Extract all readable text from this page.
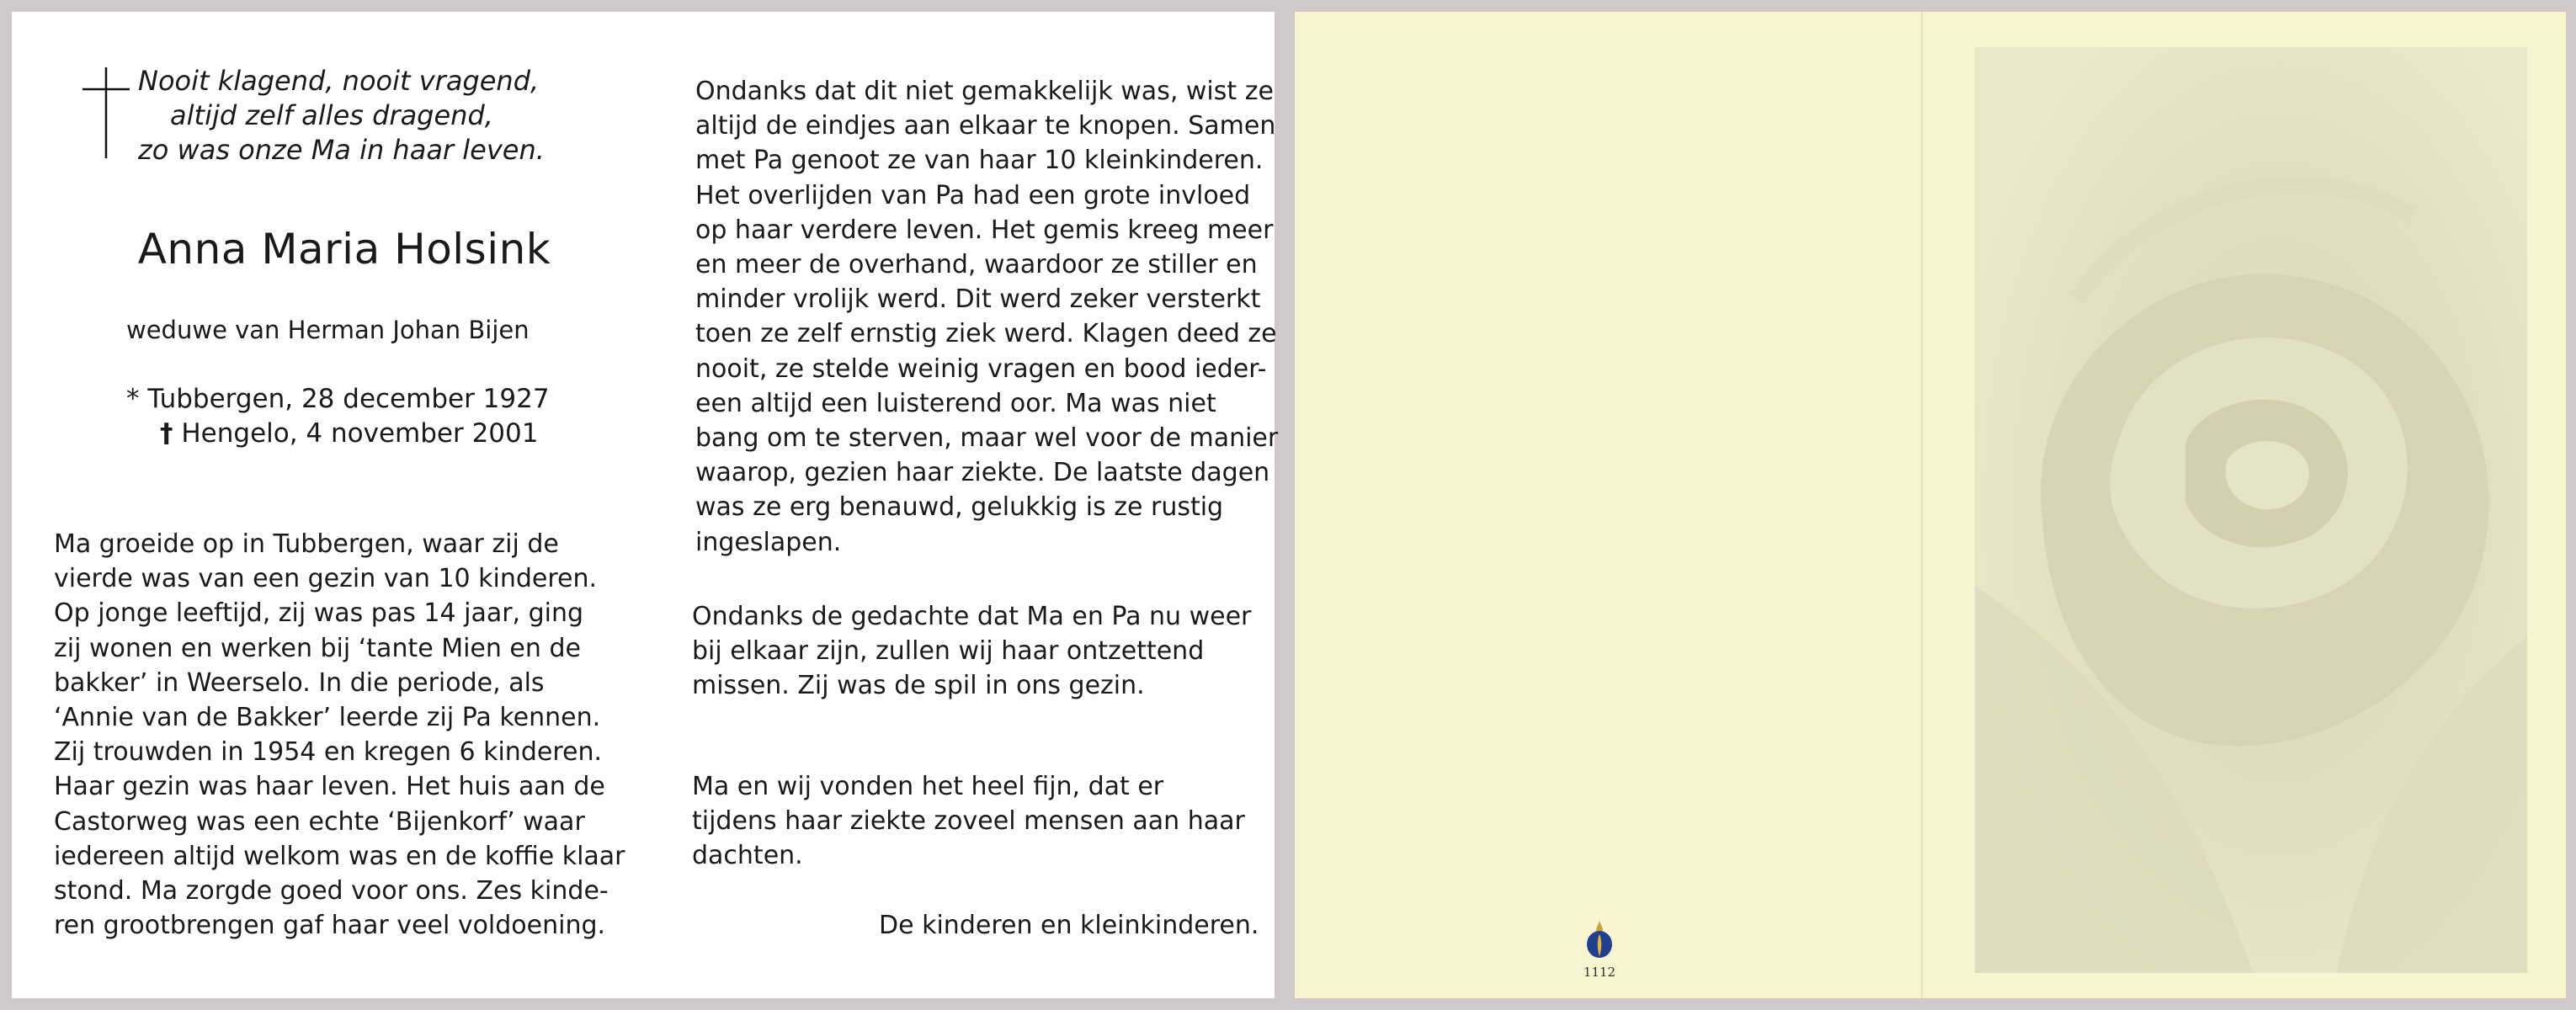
Nooit klagend, nooit vragend,
altijd zelf alles dragend,
zo was onze Ma in haar leven.
Anna Maria Holsink
weduwe van Herman Johan Bijen
* Tubbergen, 28 december 1927
† Hengelo, 4 november 2001
Ma groeide op in Tubbergen, waar zij de
vierde was van een gezin van 10 kinderen.
Op jonge leeftijd, zij was pas 14 jaar, ging
zij wonen en werken bij ‘tante Mien en de
bakker’ in Weerselo. In die periode, als
‘Annie van de Bakker’ leerde zij Pa kennen.
Zij trouwden in 1954 en kregen 6 kinderen.
Haar gezin was haar leven. Het huis aan de
Castorweg was een echte ‘Bijenkorf’ waar
iedereen altijd welkom was en de koffie klaar
stond. Ma zorgde goed voor ons. Zes kinde-
ren grootbrengen gaf haar veel voldoening.
Ondanks dat dit niet gemakkelijk was, wist ze
altijd de eindjes aan elkaar te knopen. Samen
met Pa genoot ze van haar 10 kleinkinderen.
Het overlijden van Pa had een grote invloed
op haar verdere leven. Het gemis kreeg meer
en meer de overhand, waardoor ze stiller en
minder vrolijk werd. Dit werd zeker versterkt
toen ze zelf ernstig ziek werd. Klagen deed ze
nooit, ze stelde weinig vragen en bood ieder-
een altijd een luisterend oor. Ma was niet
bang om te sterven, maar wel voor de manier
waarop, gezien haar ziekte. De laatste dagen
was ze erg benauwd, gelukkig is ze rustig
ingeslapen.
Ondanks de gedachte dat Ma en Pa nu weer
bij elkaar zijn, zullen wij haar ontzettend
missen. Zij was de spil in ons gezin.
Ma en wij vonden het heel fijn, dat er
tijdens haar ziekte zoveel mensen aan haar
dachten.
De kinderen en kleinkinderen.
1112
